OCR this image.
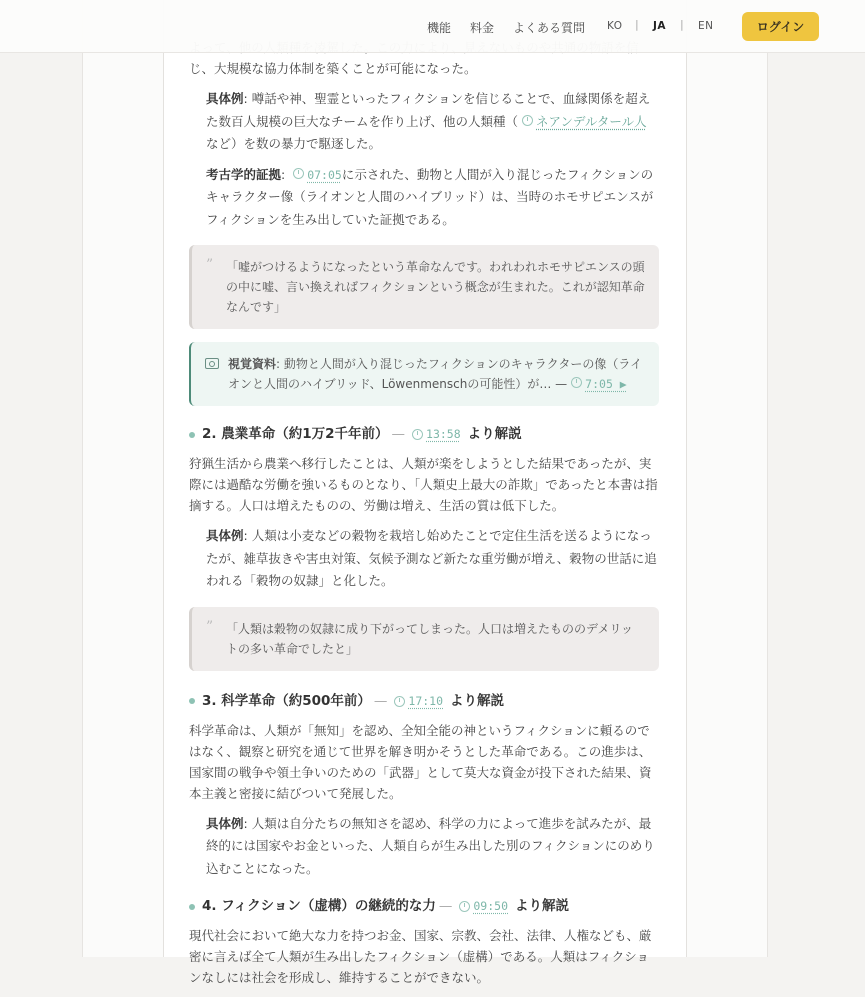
機能 料金 よくある質問 KO | JA | EN	ログイン

じ、大規模な協力体制を築くことが可能になった。

具体例: 噂話や神、聖霊といったフィクションを信じることで、血縁関係を超えた数百人規模の巨大なチームを作り上げ、他の人類種（ ネアンデルタール人など）を数の暴力で駆逐した。

考古学的証拠: 07:05に示された、動物と人間が入り混じったフィクションのキャラクター像（ライオンと人間のハイブリッド）は、当時のホモサピエンスがフィクションを生み出していた証拠である。

” 「嘘がつけるようになったという革命なんです。われわれホモサピエンスの頭の中に嘘、言い換えればフィクションという概念が生まれた。これが認知革命なんです」
視覚資料: 動物と人間が入り混じったフィクションのキャラクターの像（ライオンと人間のハイブリッド、Löwenmenschの可能性）が… — 7:05 ▶
2. 農業革命（約1万2千年前） — 13:58 より解説

狩猟生活から農業へ移行したことは、人類が楽をしようとした結果であったが、実際には過酷な労働を強いるものとなり、「人類史上最大の詐欺」であったと本書は指摘する。人口は増えたものの、労働は増え、生活の質は低下した。

具体例: 人類は小麦などの穀物を栽培し始めたことで定住生活を送るようになったが、雑草抜きや害虫対策、気候予測など新たな重労働が増え、穀物の世話に追われる「穀物の奴隷」と化した。

” 「人類は穀物の奴隷に成り下がってしまった。人口は増えたもののデメリットの多い革命でしたと」
3. 科学革命（約500年前） — 17:10 より解説

科学革命は、人類が「無知」を認め、全知全能の神というフィクションに頼るのではなく、観察と研究を通じて世界を解き明かそうとした革命である。この進歩は、国家間の戦争や領土争いのための「武器」として莫大な資金が投下された結果、資本主義と密接に結びついて発展した。

具体例: 人類は自分たちの無知さを認め、科学の力によって進歩を試みたが、最終的には国家やお金といった、人類自らが生み出した別のフィクションにのめり込むことになった。

4. フィクション（虚構）の継続的な力 — 09:50 より解説

現代社会において絶大な力を持つお金、国家、宗教、会社、法律、人権なども、厳密に言えば全て人類が生み出したフィクション（虚構）である。人類はフィクションなしには社会を形成し、維持することができない。
